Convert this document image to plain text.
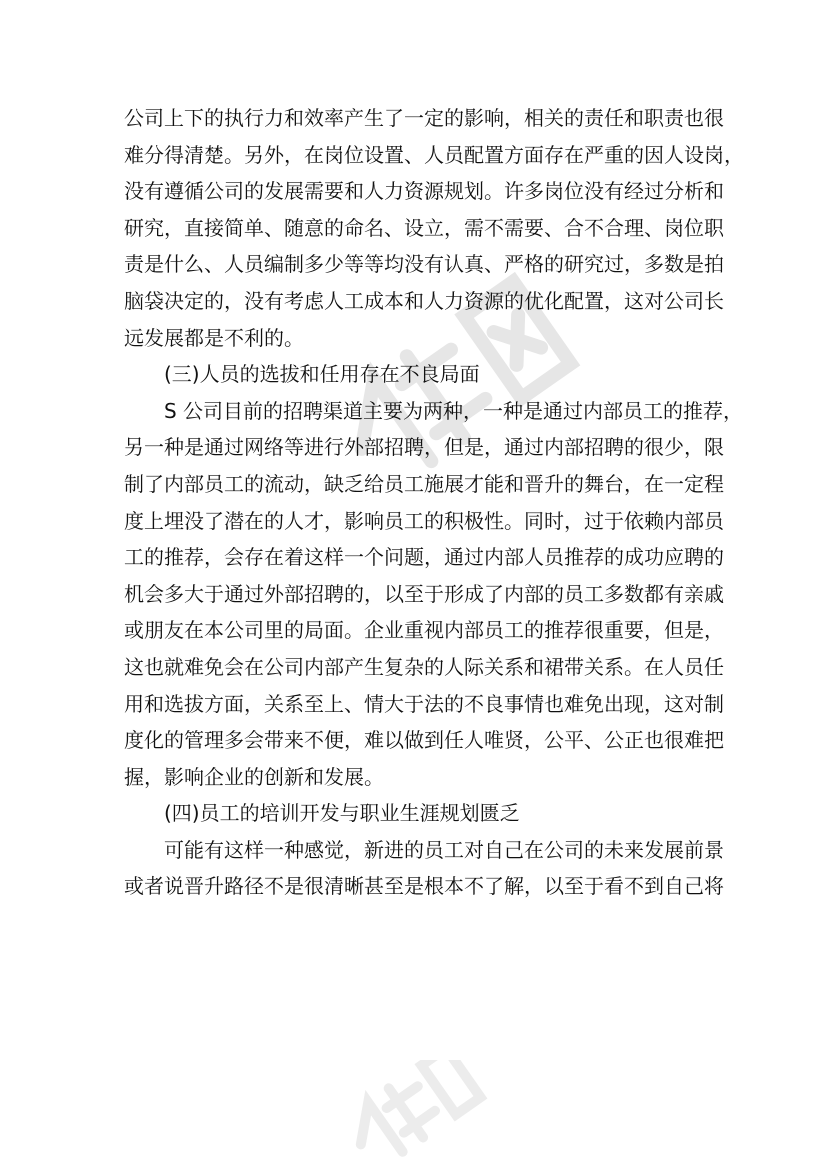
公司上下的执行力和效率产生了一定的影响，相关的责任和职责也很
难分得清楚。另外，在岗位设置、人员配置方面存在严重的因人设岗，
没有遵循公司的发展需要和人力资源规划。许多岗位没有经过分析和
研究，直接简单、随意的命名、设立，需不需要、合不合理、岗位职
责是什么、人员编制多少等等均没有认真、严格的研究过，多数是拍
脑袋决定的，没有考虑人工成本和人力资源的优化配置，这对公司长
远发展都是不利的。
(三)人员的选拔和任用存在不良局面
　　S 公司目前的招聘渠道主要为两种，一种是通过内部员工的推荐，
另一种是通过网络等进行外部招聘，但是，通过内部招聘的很少，限
制了内部员工的流动，缺乏给员工施展才能和晋升的舞台，在一定程
度上埋没了潜在的人才，影响员工的积极性。同时，过于依赖内部员
工的推荐，会存在着这样一个问题，通过内部人员推荐的成功应聘的
机会多大于通过外部招聘的，以至于形成了内部的员工多数都有亲戚
或朋友在本公司里的局面。企业重视内部员工的推荐很重要，但是，
这也就难免会在公司内部产生复杂的人际关系和裙带关系。在人员任
用和选拔方面，关系至上、情大于法的不良事情也难免出现，这对制
度化的管理多会带来不便，难以做到任人唯贤，公平、公正也很难把
握，影响企业的创新和发展。
(四)员工的培训开发与职业生涯规划匮乏
　　可能有这样一种感觉，新进的员工对自己在公司的未来发展前景
或者说晋升路径不是很清晰甚至是根本不了解，以至于看不到自己将
